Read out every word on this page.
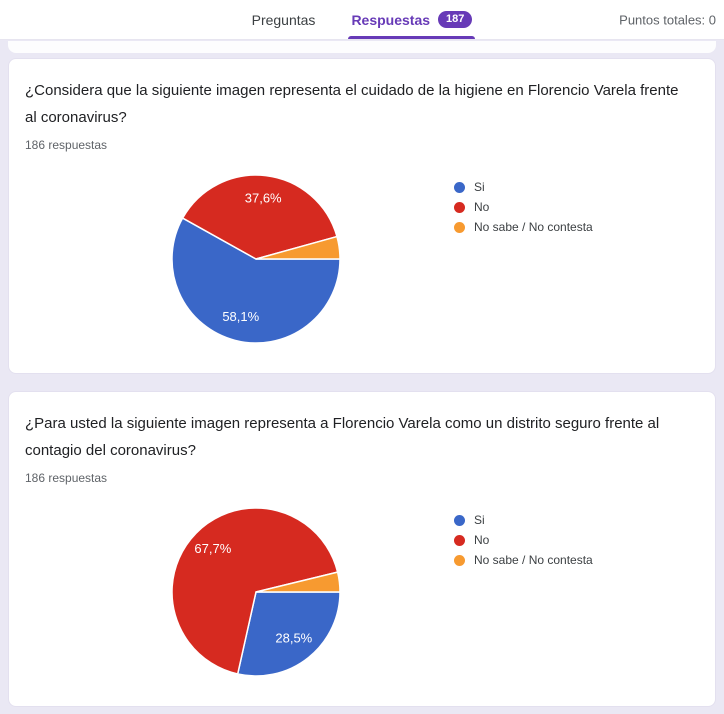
Preguntas	Respuestas	187	Puntos totales: 0
¿Considera que la siguiente imagen representa el cuidado de la higiene en Florencio Varela frente al coronavirus?
186 respuestas
58,1%
37,6%
Si
No
No sabe / No contesta
¿Para usted la siguiente imagen representa a Florencio Varela como un distrito seguro frente al contagio del coronavirus?
186 respuestas
28,5%
67,7%
Si
No
No sabe / No contesta
